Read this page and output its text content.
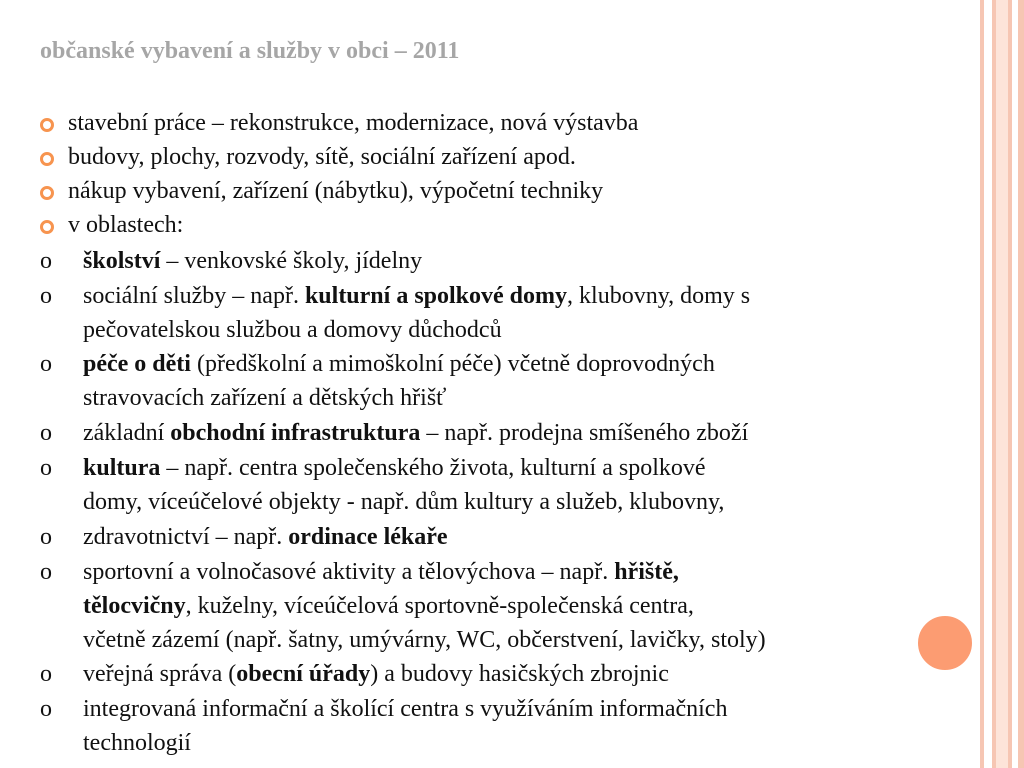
občanské vybavení a služby v obci – 2011
stavební práce – rekonstrukce, modernizace, nová výstavba
budovy, plochy, rozvody, sítě, sociální zařízení apod.
nákup vybavení, zařízení (nábytku), výpočetní techniky
v oblastech:
o školství – venkovské školy, jídelny
o sociální služby – např. kulturní a spolkové domy, klubovny, domy s
pečovatelskou službou a domovy důchodců
o péče o děti (předškolní a mimoškolní péče) včetně doprovodných
stravovacích zařízení a dětských hřišť
o základní obchodní infrastruktura – např. prodejna smíšeného zboží
o kultura – např. centra společenského života, kulturní a spolkové
domy, víceúčelové objekty - např. dům kultury a služeb, klubovny,
o zdravotnictví – např. ordinace lékaře
o sportovní a volnočasové aktivity a tělovýchova – např. hřiště,
tělocvičny, kuželny, víceúčelová sportovně-společenská centra,
včetně zázemí (např. šatny, umývárny, WC, občerstvení, lavičky, stoly)
o veřejná správa (obecní úřady) a budovy hasičských zbrojnic
o integrovaná informační a školící centra s využíváním informačních
technologií
